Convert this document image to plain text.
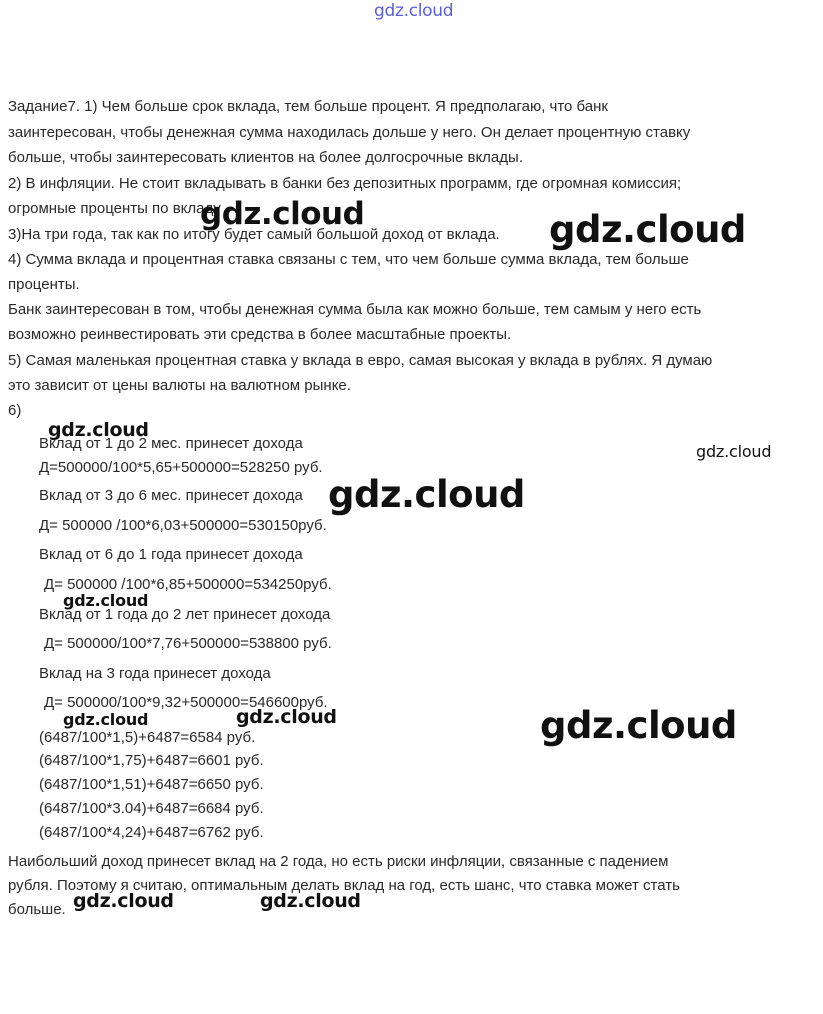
gdz.cloud
Задание7. 1) Чем больше срок вклада, тем больше процент. Я предполагаю, что банк
заинтересован, чтобы денежная сумма находилась дольше у него. Он делает процентную ставку
больше, чтобы заинтересовать клиентов на более долгосрочные вклады.
2) В инфляции. Не стоит вкладывать в банки без депозитных программ, где огромная комиссия;
огромные проценты по вкладу
3)На три года, так как по итогу будет самый большой доход от вклада.
4) Сумма вклада и процентная ставка связаны с тем, что чем больше сумма вклада, тем больше
проценты.
Банк заинтересован в том, чтобы денежная сумма была как можно больше, тем самым у него есть
возможно реинвестировать эти средства в более масштабные проекты.
5) Самая маленькая процентная ставка у вклада в евро, самая высокая у вклада в рублях. Я думаю
это зависит от цены валюты на валютном рынке.
6)
Вклад от 1 до 2 мес. принесет дохода
Д=500000/100*5,65+500000=528250 руб.
Вклад от 3 до 6 мес. принесет дохода
Д= 500000 /100*6,03+500000=530150руб.
Вклад от 6 до 1 года принесет дохода
Д= 500000 /100*6,85+500000=534250руб.
Вклад от 1 года до 2 лет принесет дохода
Д= 500000/100*7,76+500000=538800 руб.
Вклад на 3 года принесет дохода
Д= 500000/100*9,32+500000=546600руб.
(6487/100*1,5)+6487=6584 руб.
(6487/100*1,75)+6487=6601 руб.
(6487/100*1,51)+6487=6650 руб.
(6487/100*3.04)+6487=6684 руб.
(6487/100*4,24)+6487=6762 руб.
Наибольший доход принесет вклад на 2 года, но есть риски инфляции, связанные с падением
рубля. Поэтому я считаю, оптимальным делать вклад на год, есть шанс, что ставка может стать
больше.
gdz.cloud	gdz.cloud
gdz.cloud
gdz.cloud
gdz.cloud
gdz.cloud
gdz.cloud
gdz.cloud	gdz.cloud
gdz.cloud	gdz.cloud
